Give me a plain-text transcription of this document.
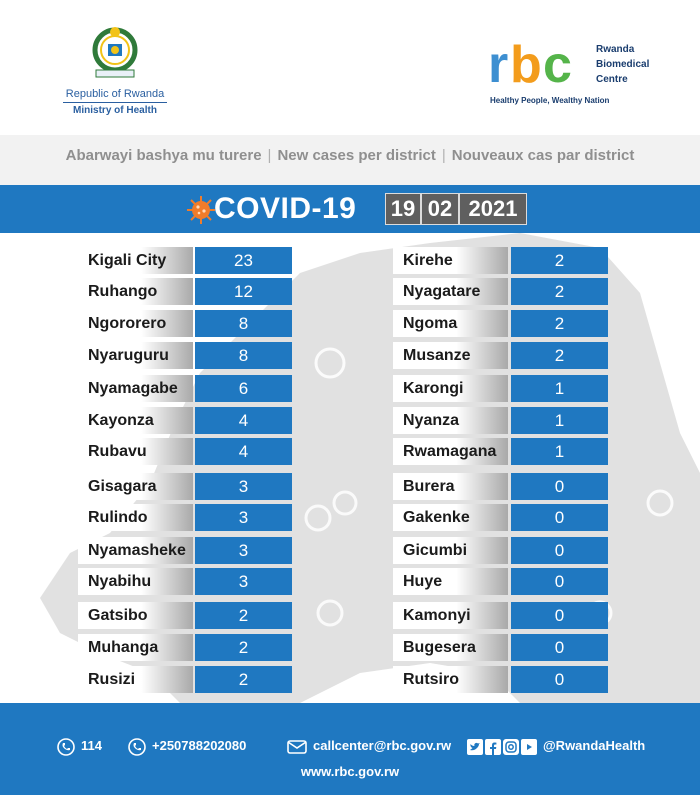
Republic of Rwanda
Ministry of Health
r b c Rwanda
Biomedical
Centre
Healthy People, Wealthy Nation
Abarwayi bashya mu turere | New cases per district | Nouveaux cas par district
COVID-19 19 02 2021
Kigali City	23
Ruhango	12
Ngororero	8
Nyaruguru	8
Nyamagabe	6
Kayonza	4
Rubavu	4
Gisagara	3
Rulindo	3
Nyamasheke	3
Nyabihu	3
Gatsibo	2
Muhanga	2
Rusizi	2
Kirehe	2
Nyagatare	2
Ngoma	2
Musanze	2
Karongi	1
Nyanza	1
Rwamagana	1
Burera	0
Gakenke	0
Gicumbi	0
Huye	0
Kamonyi	0
Bugesera	0
Rutsiro	0
114	+250788202080	callcenter@rbc.gov.rw	@RwandaHealth
www.rbc.gov.rw
